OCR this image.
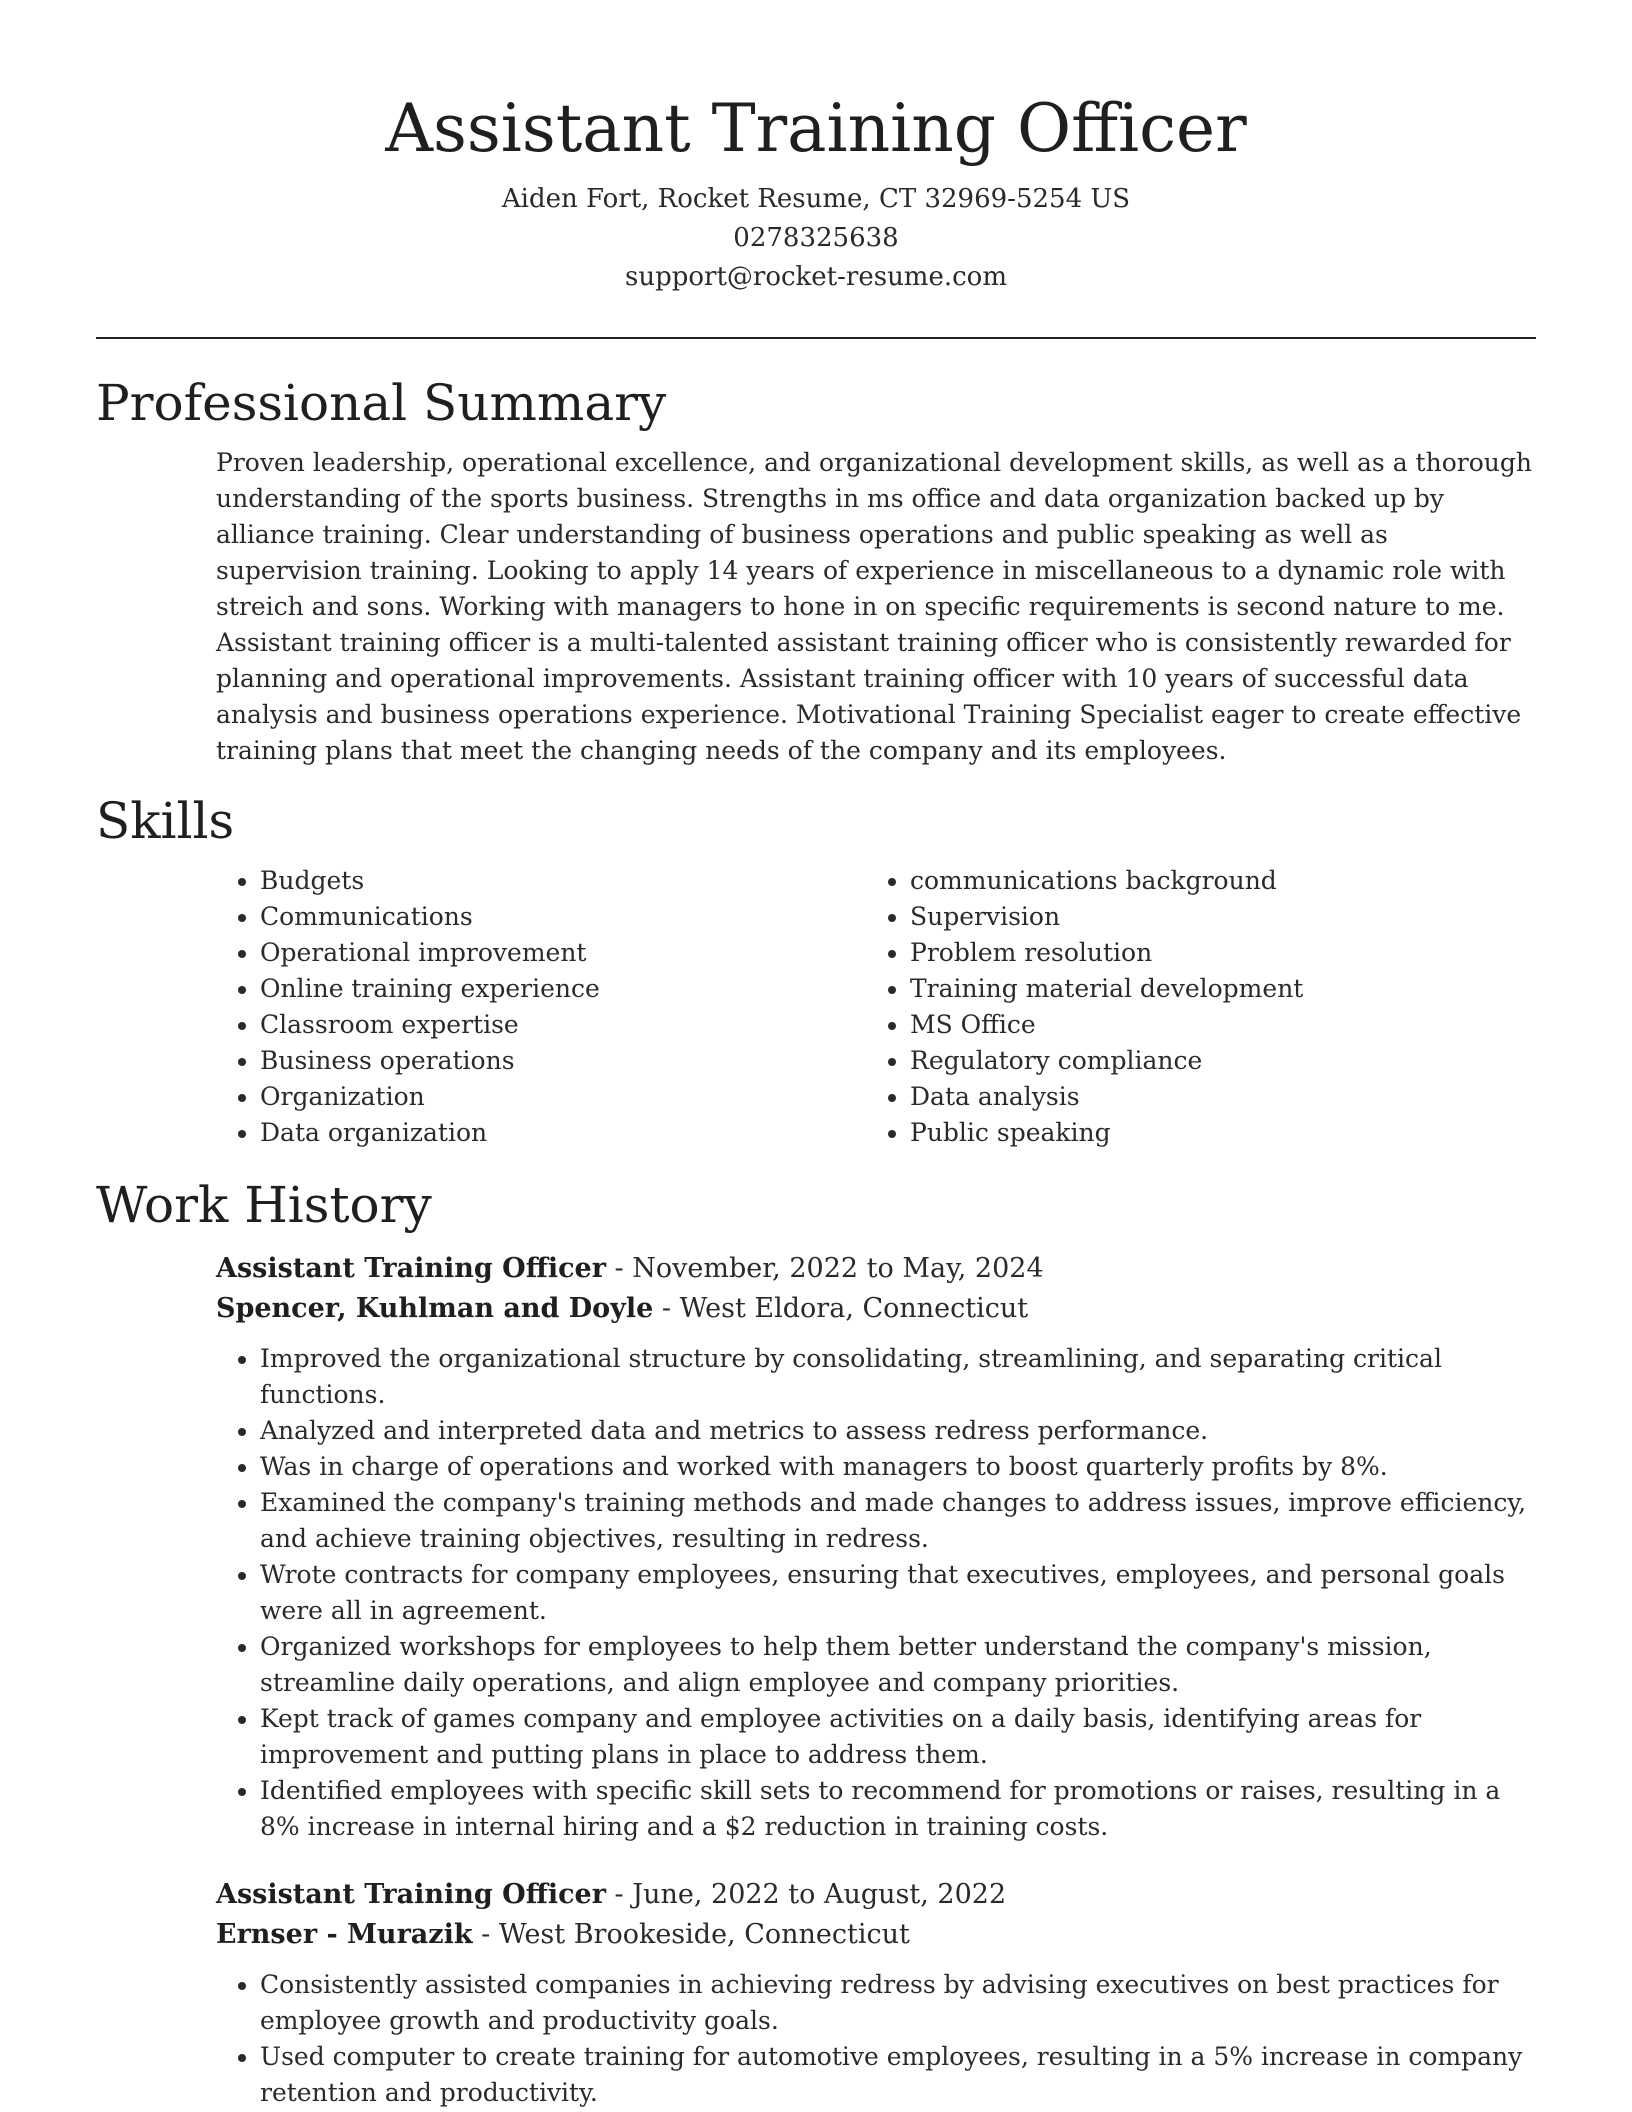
Assistant Training Officer

Aiden Fort, Rocket Resume, CT 32969-5254 US

0278325638

support@rocket-resume.com

Professional Summary

Proven leadership, operational excellence, and organizational development skills, as well as a thorough understanding of the sports business. Strengths in ms office and data organization backed up by alliance training. Clear understanding of business operations and public speaking as well as supervision training. Looking to apply 14 years of experience in miscellaneous to a dynamic role with streich and sons. Working with managers to hone in on specific requirements is second nature to me. Assistant training officer is a multi-talented assistant training officer who is consistently rewarded for planning and operational improvements. Assistant training officer with 10 years of successful data analysis and business operations experience. Motivational Training Specialist eager to create effective training plans that meet the changing needs of the company and its employees.

Skills
• Budgets
• Communications
• Operational improvement
• Online training experience
• Classroom expertise
• Business operations
• Organization
• Data organization
• communications background
• Supervision
• Problem resolution
• Training material development
• MS Office
• Regulatory compliance
• Data analysis
• Public speaking
Work History
Assistant Training Officer - November, 2022 to May, 2024
Spencer, Kuhlman and Doyle - West Eldora, Connecticut
• Improved the organizational structure by consolidating, streamlining, and separating critical functions.
• Analyzed and interpreted data and metrics to assess redress performance.
• Was in charge of operations and worked with managers to boost quarterly profits by 8%.
• Examined the company's training methods and made changes to address issues, improve efficiency, and achieve training objectives, resulting in redress.
• Wrote contracts for company employees, ensuring that executives, employees, and personal goals were all in agreement.
• Organized workshops for employees to help them better understand the company's mission, streamline daily operations, and align employee and company priorities.
• Kept track of games company and employee activities on a daily basis, identifying areas for improvement and putting plans in place to address them.
• Identified employees with specific skill sets to recommend for promotions or raises, resulting in a 8% increase in internal hiring and a $2 reduction in training costs.
Assistant Training Officer - June, 2022 to August, 2022
Ernser - Murazik - West Brookeside, Connecticut
• Consistently assisted companies in achieving redress by advising executives on best practices for employee growth and productivity goals.
• Used computer to create training for automotive employees, resulting in a 5% increase in company retention and productivity.
